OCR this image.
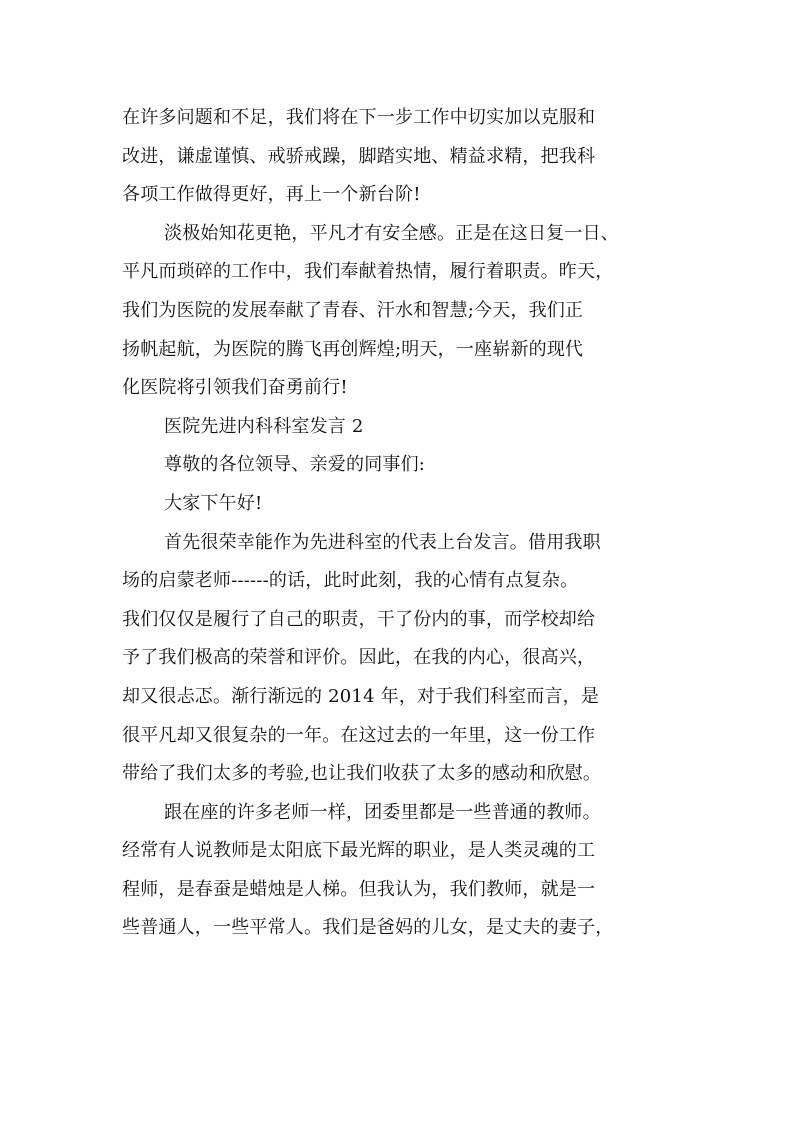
在许多问题和不足，我们将在下一步工作中切实加以克服和
改进，谦虚谨慎、戒骄戒躁，脚踏实地、精益求精，把我科
各项工作做得更好，再上一个新台阶!
淡极始知花更艳，平凡才有安全感。正是在这日复一日、
平凡而琐碎的工作中，我们奉献着热情，履行着职责。昨天，
我们为医院的发展奉献了青春、汗水和智慧;今天，我们正
扬帆起航，为医院的腾飞再创辉煌;明天，一座崭新的现代
化医院将引领我们奋勇前行!
医院先进内科科室发言 2
尊敬的各位领导、亲爱的同事们:
大家下午好!
首先很荣幸能作为先进科室的代表上台发言。借用我职
场的启蒙老师------的话，此时此刻，我的心情有点复杂。
我们仅仅是履行了自己的职责，干了份内的事，而学校却给
予了我们极高的荣誉和评价。因此，在我的内心，很高兴，
却又很忐忑。渐行渐远的 2014 年，对于我们科室而言，是
很平凡却又很复杂的一年。在这过去的一年里，这一份工作
带给了我们太多的考验,也让我们收获了太多的感动和欣慰。
跟在座的许多老师一样，团委里都是一些普通的教师。
经常有人说教师是太阳底下最光辉的职业，是人类灵魂的工
程师，是春蚕是蜡烛是人梯。但我认为，我们教师，就是一
些普通人，一些平常人。我们是爸妈的儿女，是丈夫的妻子，
